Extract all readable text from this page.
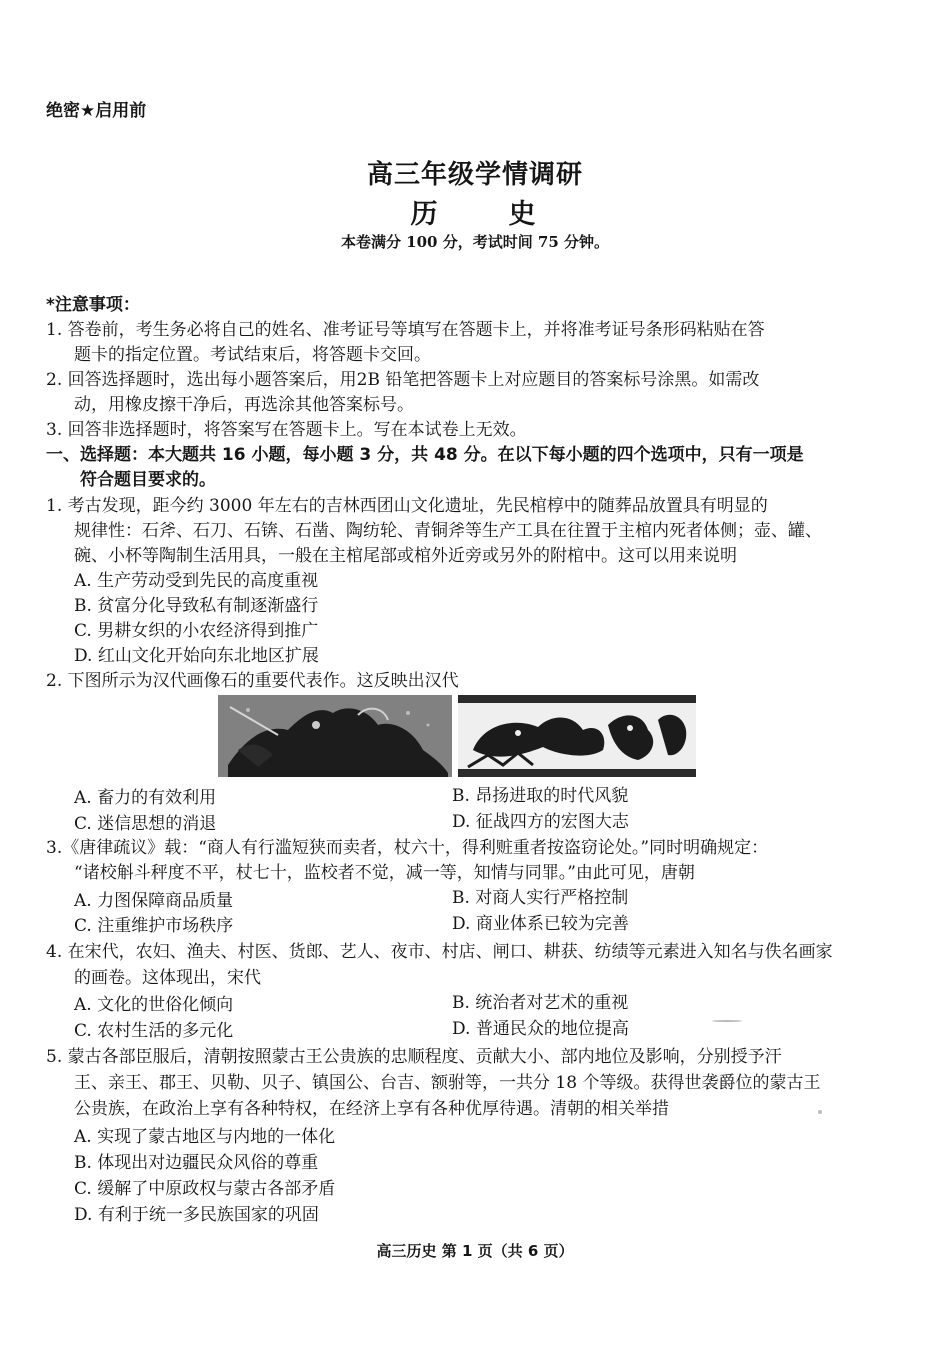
绝密★启用前
高三年级学情调研
历　史
本卷满分 100 分，考试时间 75 分钟。
*注意事项：
1. 答卷前，考生务必将自己的姓名、准考证号等填写在答题卡上，并将准考证号条形码粘贴在答
题卡的指定位置。考试结束后，将答题卡交回。
2. 回答选择题时，选出每小题答案后，用2B 铅笔把答题卡上对应题目的答案标号涂黑。如需改
动，用橡皮擦干净后，再选涂其他答案标号。
3. 回答非选择题时，将答案写在答题卡上。写在本试卷上无效。
一、选择题：本大题共 16 小题，每小题 3 分，共 48 分。在以下每小题的四个选项中，只有一项是
符合题目要求的。
1. 考古发现，距今约 3000 年左右的吉林西团山文化遗址，先民棺椁中的随葬品放置具有明显的
规律性：石斧、石刀、石锛、石凿、陶纺轮、青铜斧等生产工具在往置于主棺内死者体侧；壶、罐、
碗、小杯等陶制生活用具，一般在主棺尾部或棺外近旁或另外的附棺中。这可以用来说明
A. 生产劳动受到先民的高度重视
B. 贫富分化导致私有制逐渐盛行
C. 男耕女织的小农经济得到推广
D. 红山文化开始向东北地区扩展
2. 下图所示为汉代画像石的重要代表作。这反映出汉代
A. 畜力的有效利用	B. 昂扬进取的时代风貌
C. 迷信思想的消退	D. 征战四方的宏图大志
3.《唐律疏议》载：“商人有行滥短狭而卖者，杖六十，得利赃重者按盗窃论处。”同时明确规定：
“诸校斛斗秤度不平，杖七十，监校者不觉，减一等，知情与同罪。”由此可见，唐朝
A. 力图保障商品质量	B. 对商人实行严格控制
C. 注重维护市场秩序	D. 商业体系已较为完善
4. 在宋代，农妇、渔夫、村医、货郎、艺人、夜市、村店、闸口、耕获、纺绩等元素进入知名与佚名画家
的画卷。这体现出，宋代
A. 文化的世俗化倾向	B. 统治者对艺术的重视
C. 农村生活的多元化	D. 普通民众的地位提高
5. 蒙古各部臣服后，清朝按照蒙古王公贵族的忠顺程度、贡献大小、部内地位及影响，分别授予汗
王、亲王、郡王、贝勒、贝子、镇国公、台吉、额驸等，一共分 18 个等级。获得世袭爵位的蒙古王
公贵族，在政治上享有各种特权，在经济上享有各种优厚待遇。清朝的相关举措
A. 实现了蒙古地区与内地的一体化
B. 体现出对边疆民众风俗的尊重
C. 缓解了中原政权与蒙古各部矛盾
D. 有利于统一多民族国家的巩固
高三历史 第 1 页（共 6 页）
